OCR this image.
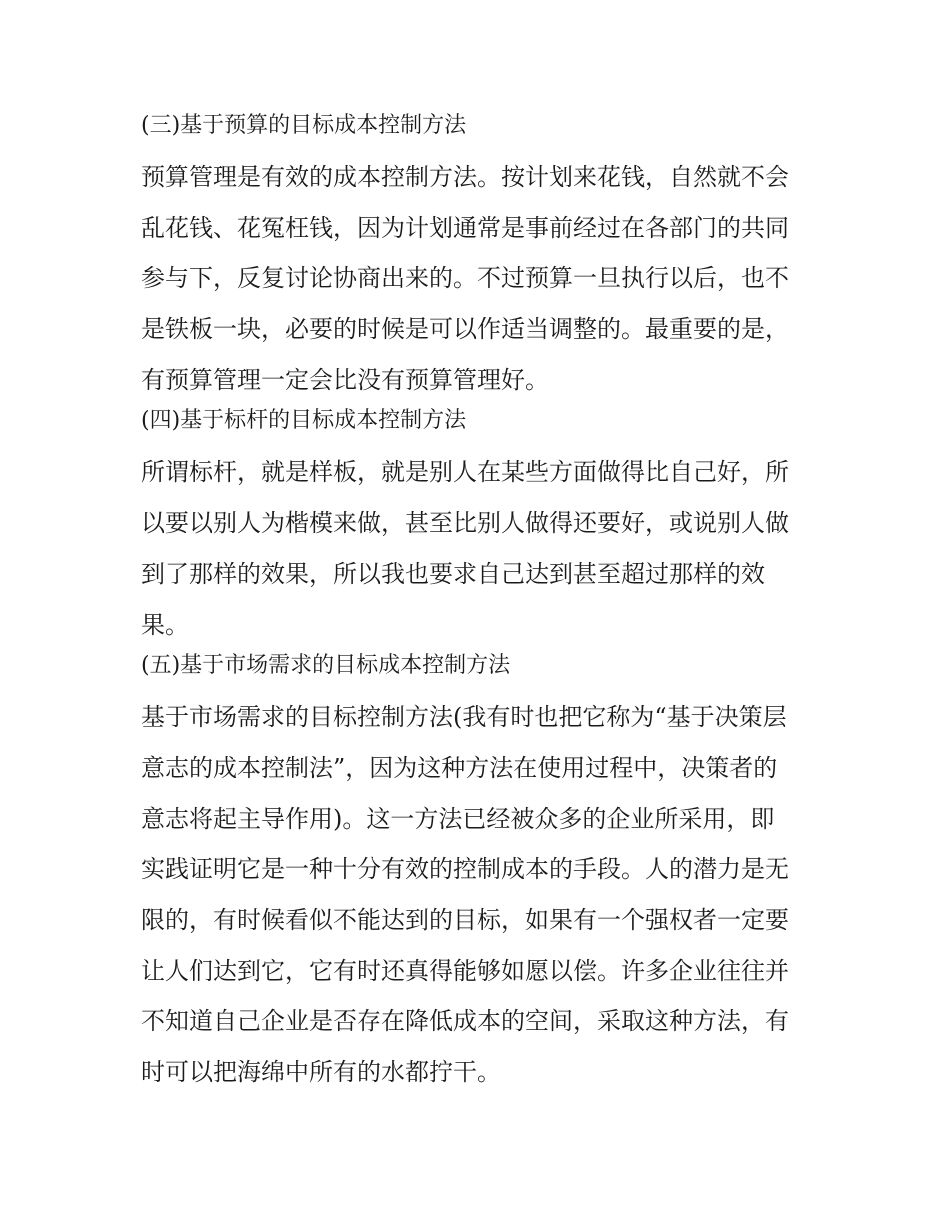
(三)基于预算的目标成本控制方法
预算管理是有效的成本控制方法。按计划来花钱，自然就不会
乱花钱、花冤枉钱，因为计划通常是事前经过在各部门的共同
参与下，反复讨论协商出来的。不过预算一旦执行以后，也不
是铁板一块，必要的时候是可以作适当调整的。最重要的是，
有预算管理一定会比没有预算管理好。
(四)基于标杆的目标成本控制方法
所谓标杆，就是样板，就是别人在某些方面做得比自己好，所
以要以别人为楷模来做，甚至比别人做得还要好，或说别人做
到了那样的效果，所以我也要求自己达到甚至超过那样的效
果。
(五)基于市场需求的目标成本控制方法
基于市场需求的目标控制方法(我有时也把它称为“基于决策层
意志的成本控制法”，因为这种方法在使用过程中，决策者的
意志将起主导作用)。这一方法已经被众多的企业所采用，即
实践证明它是一种十分有效的控制成本的手段。人的潜力是无
限的，有时候看似不能达到的目标，如果有一个强权者一定要
让人们达到它，它有时还真得能够如愿以偿。许多企业往往并
不知道自己企业是否存在降低成本的空间，采取这种方法，有
时可以把海绵中所有的水都拧干。
